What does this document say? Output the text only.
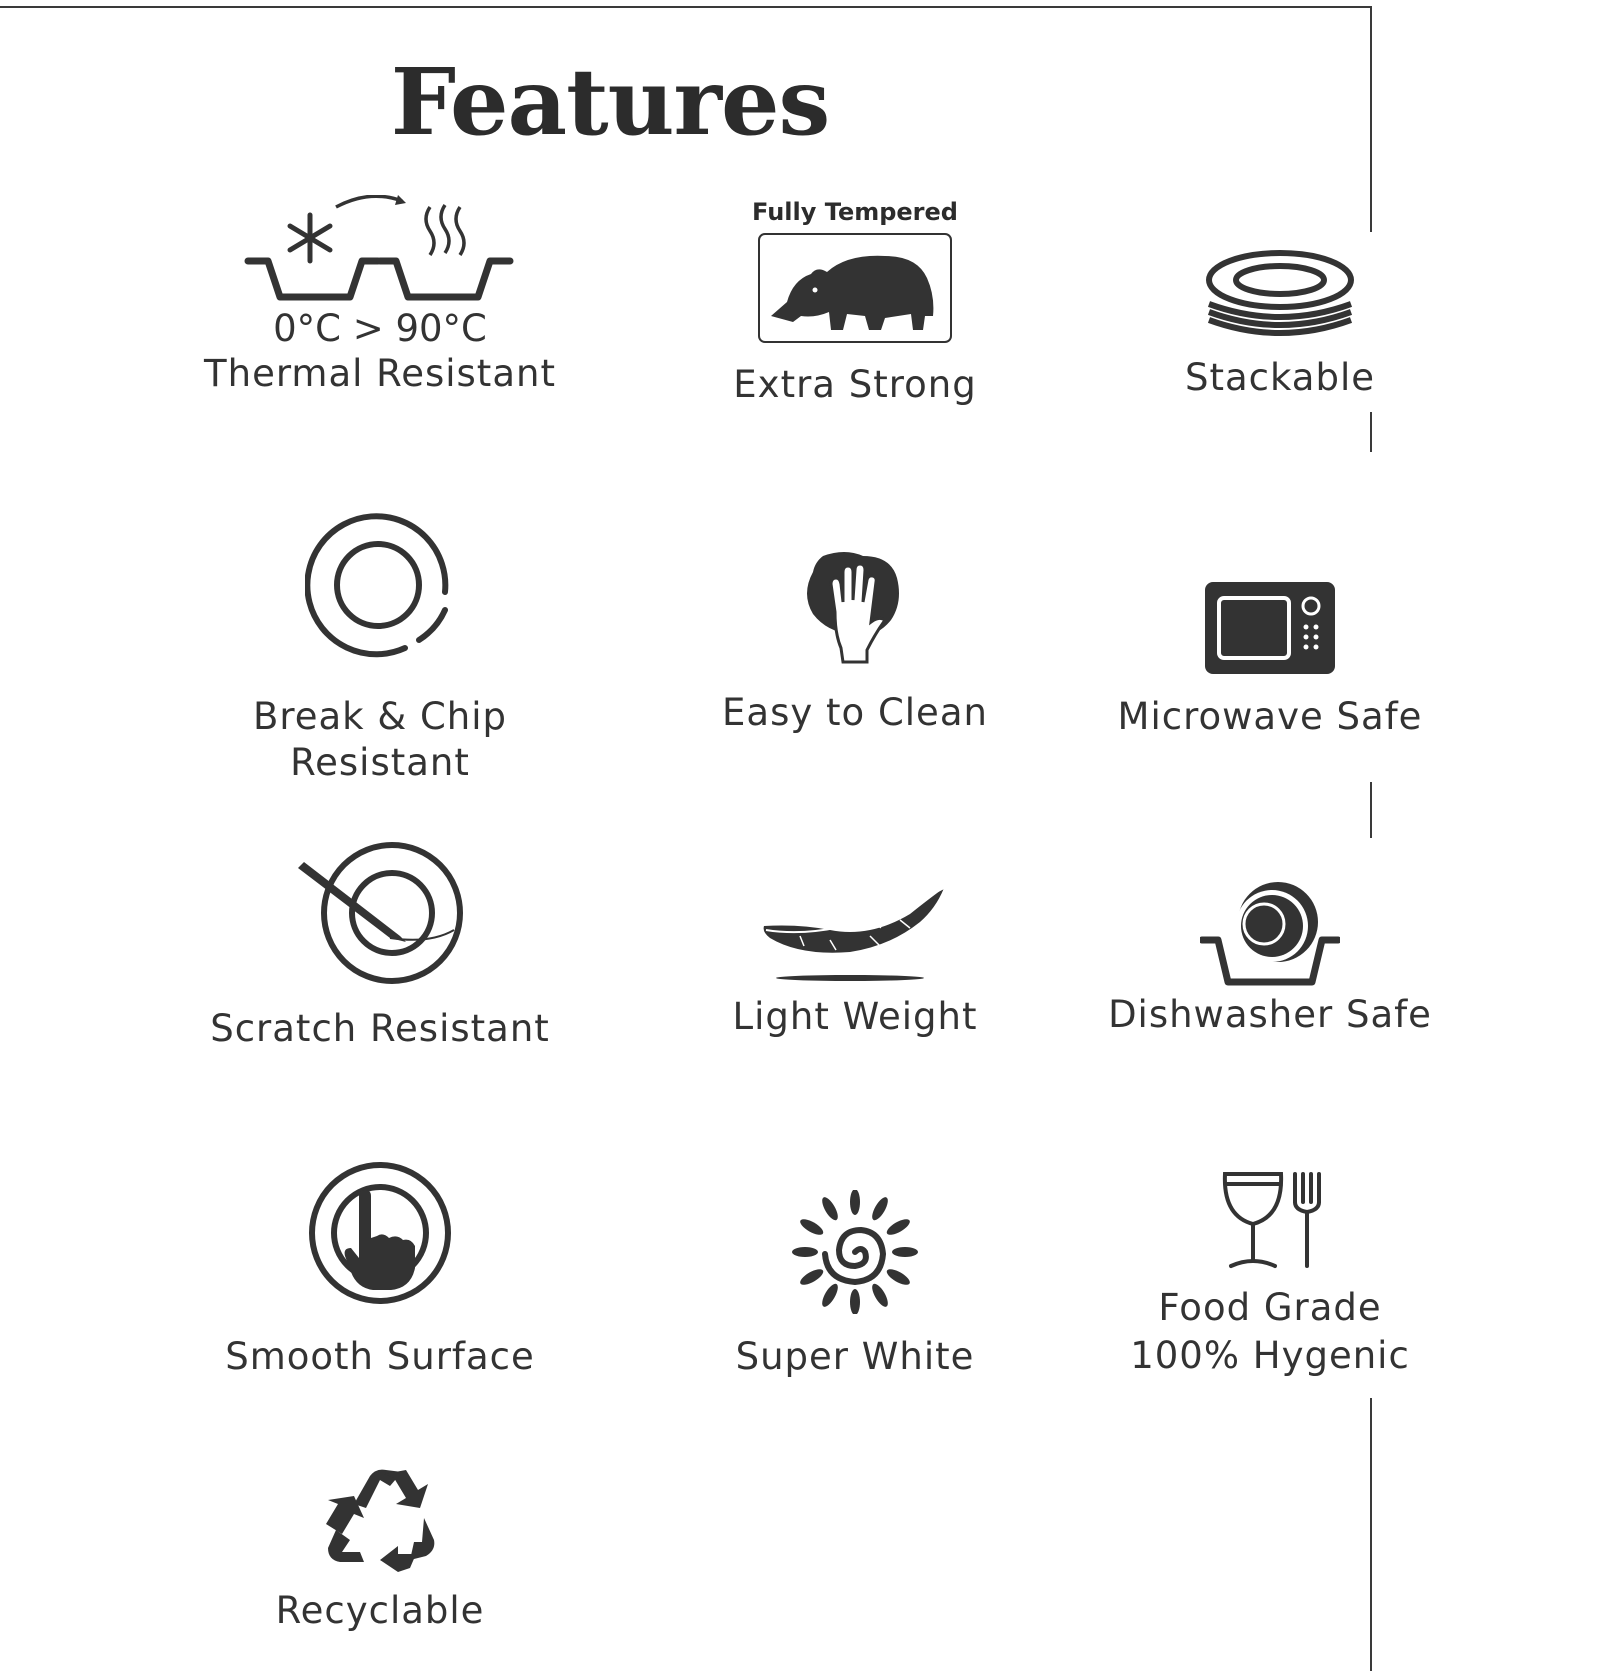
Features
0°C > 90°C
Thermal Resistant
Fully Tempered
Extra Strong	Stackable
Break & Chip
Resistant
Easy to Clean	Microwave Safe
Scratch Resistant	Light Weight	Dishwasher Safe
Smooth Surface	Super White
Food Grade
100% Hygenic
Recyclable
